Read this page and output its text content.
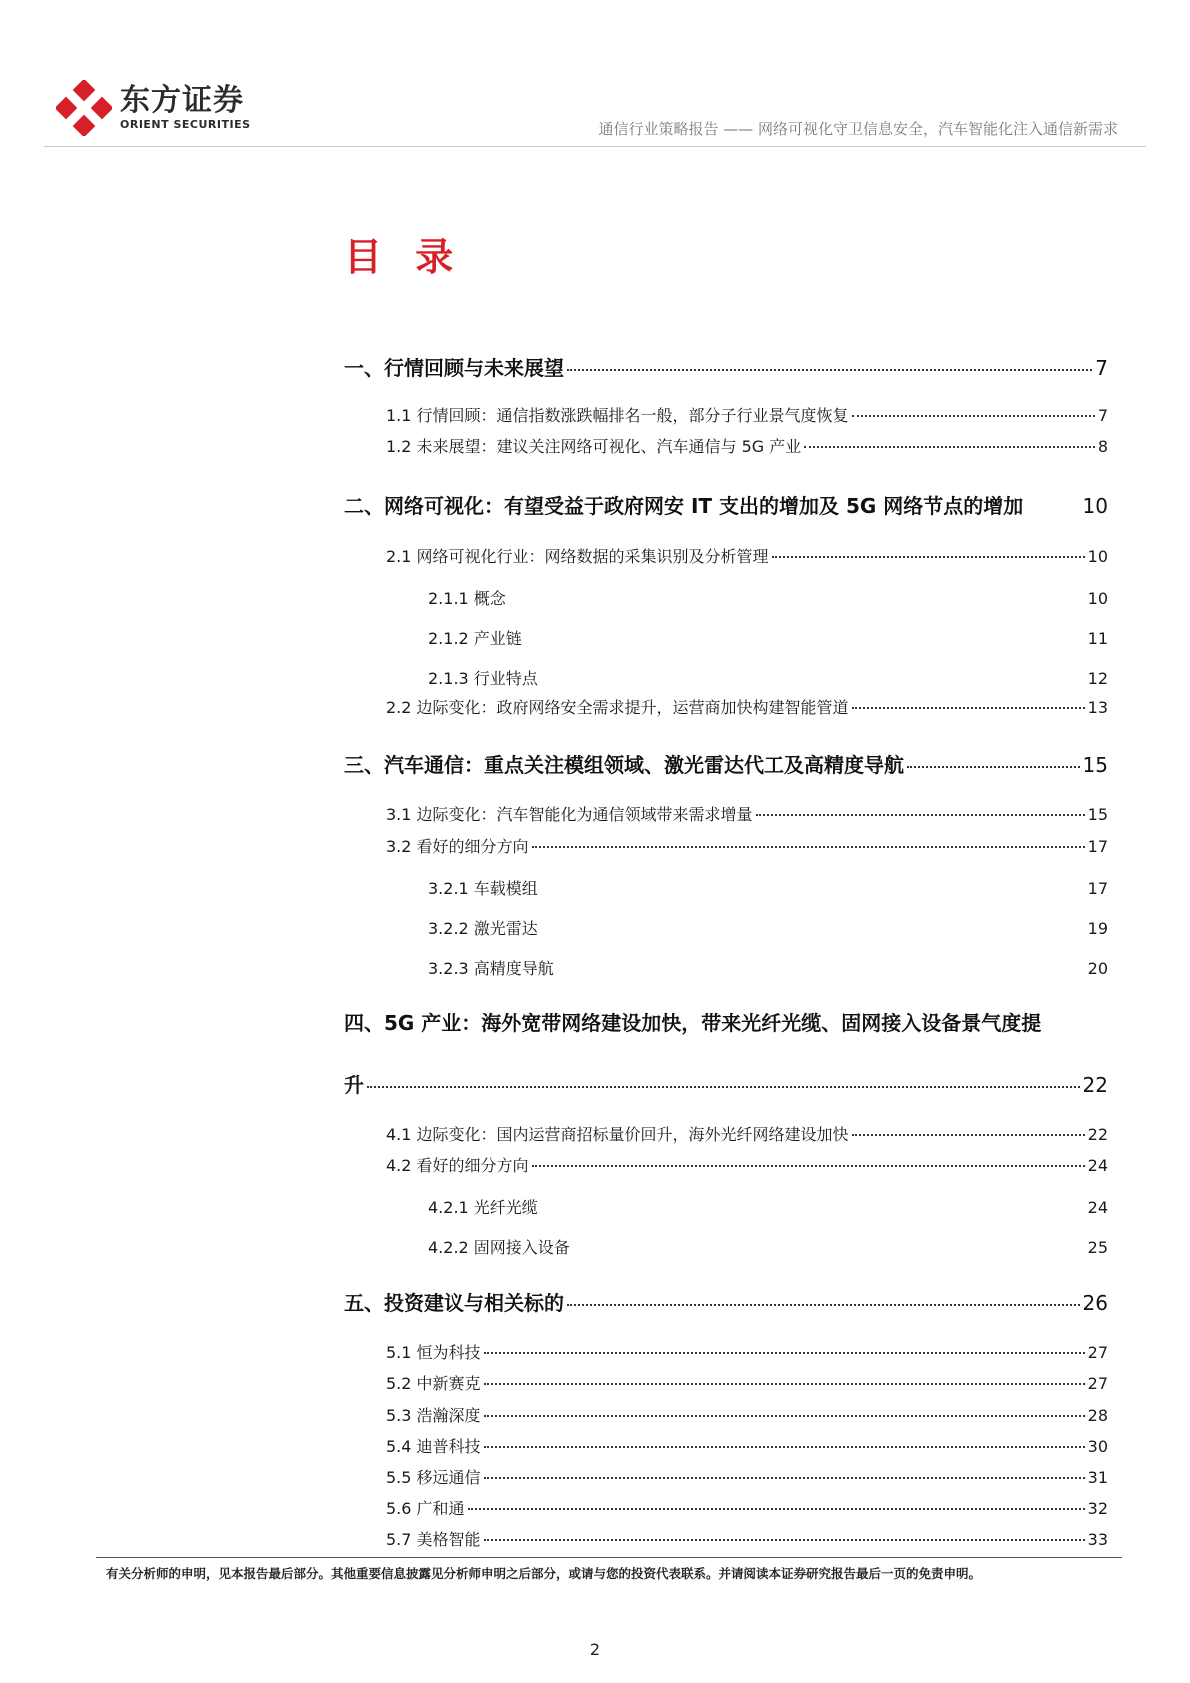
东方证券
ORIENT SECURITIES	通信行业策略报告 —— 网络可视化守卫信息安全，汽车智能化注入通信新需求
目 录
一、行情回顾与未来展望	7
1.1 行情回顾：通信指数涨跌幅排名一般，部分子行业景气度恢复	7
1.2 未来展望：建议关注网络可视化、汽车通信与 5G 产业	8
二、网络可视化：有望受益于政府网安 IT 支出的增加及 5G 网络节点的增加	10
2.1 网络可视化行业：网络数据的采集识别及分析管理	10
2.1.1 概念	10
2.1.2 产业链	11
2.1.3 行业特点	12
2.2 边际变化：政府网络安全需求提升，运营商加快构建智能管道	13
三、汽车通信：重点关注模组领域、激光雷达代工及高精度导航	15
3.1 边际变化：汽车智能化为通信领域带来需求增量	15
3.2 看好的细分方向	17
3.2.1 车载模组	17
3.2.2 激光雷达	19
3.2.3 高精度导航	20
四、5G 产业：海外宽带网络建设加快，带来光纤光缆、固网接入设备景气度提
升	22
4.1 边际变化：国内运营商招标量价回升，海外光纤网络建设加快	22
4.2 看好的细分方向	24
4.2.1 光纤光缆	24
4.2.2 固网接入设备	25
五、投资建议与相关标的	26
5.1 恒为科技	27
5.2 中新赛克	27
5.3 浩瀚深度	28
5.4 迪普科技	30
5.5 移远通信	31
5.6 广和通	32
5.7 美格智能	33
有关分析师的申明，见本报告最后部分。其他重要信息披露见分析师申明之后部分，或请与您的投资代表联系。并请阅读本证券研究报告最后一页的免责申明。
2
